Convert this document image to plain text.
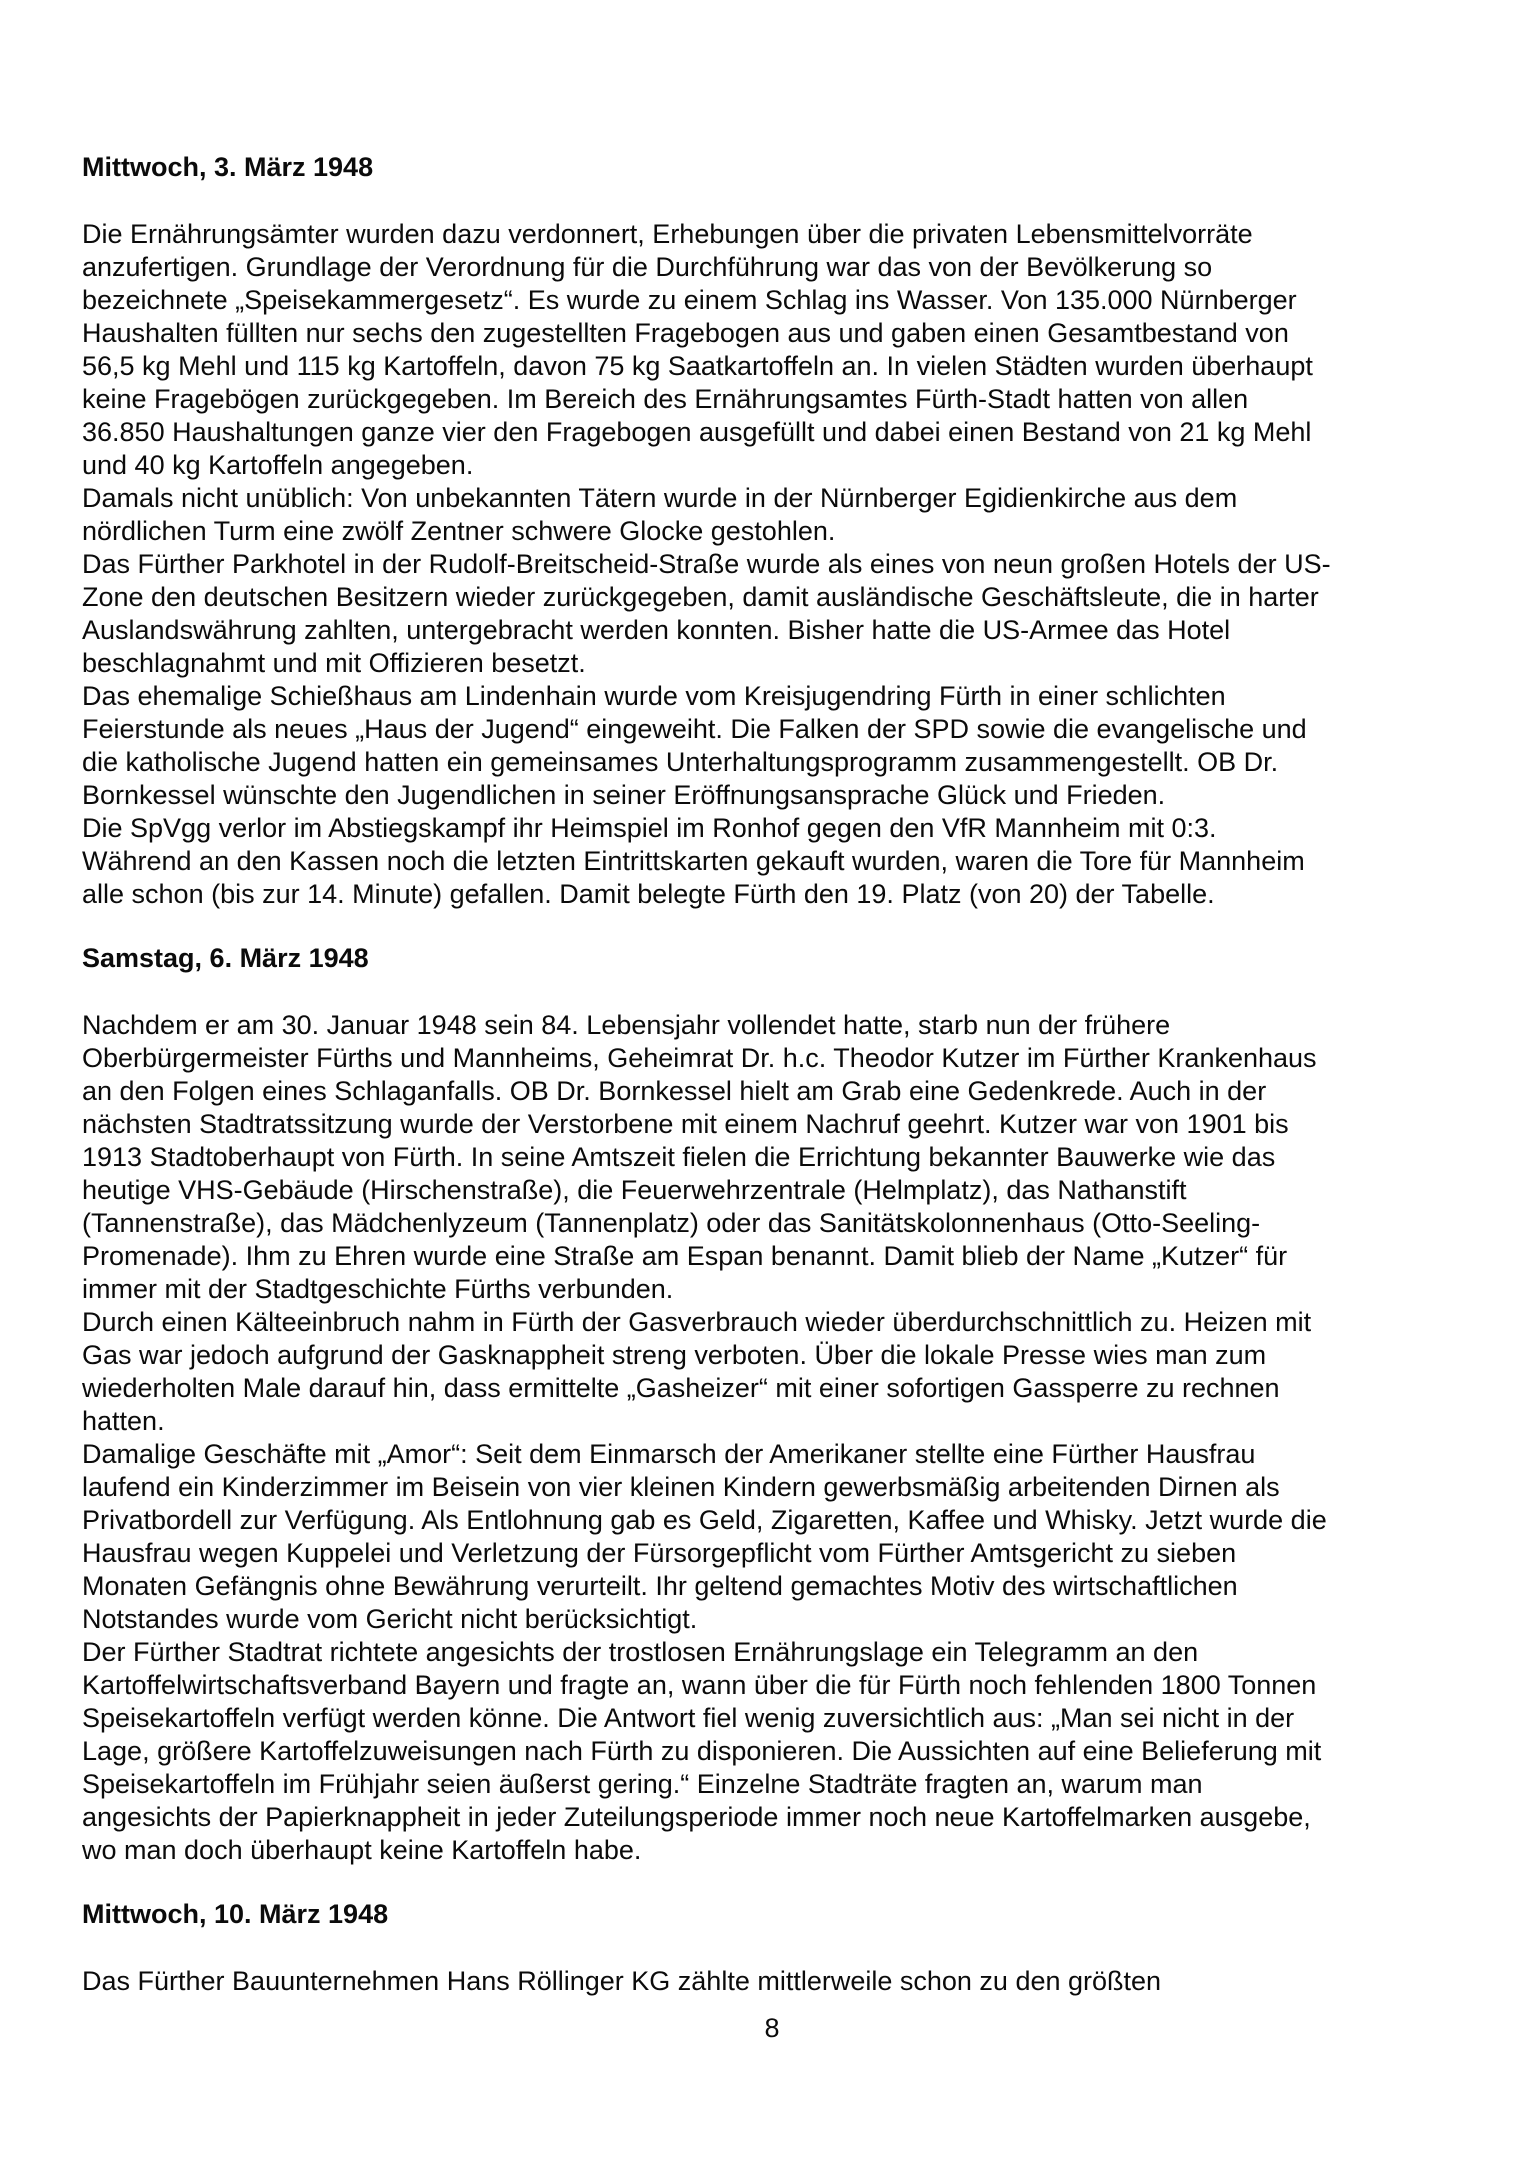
Mittwoch, 3. März 1948
Die Ernährungsämter wurden dazu verdonnert, Erhebungen über die privaten Lebensmittelvorräte
anzufertigen. Grundlage der Verordnung für die Durchführung war das von der Bevölkerung so
bezeichnete „Speisekammergesetz“. Es wurde zu einem Schlag ins Wasser. Von 135.000 Nürnberger
Haushalten füllten nur sechs den zugestellten Fragebogen aus und gaben einen Gesamtbestand von
56,5 kg Mehl und 115 kg Kartoffeln, davon 75 kg Saatkartoffeln an. In vielen Städten wurden überhaupt
keine Fragebögen zurückgegeben. Im Bereich des Ernährungsamtes Fürth-Stadt hatten von allen
36.850 Haushaltungen ganze vier den Fragebogen ausgefüllt und dabei einen Bestand von 21 kg Mehl
und 40 kg Kartoffeln angegeben.
Damals nicht unüblich: Von unbekannten Tätern wurde in der Nürnberger Egidienkirche aus dem
nördlichen Turm eine zwölf Zentner schwere Glocke gestohlen.
Das Fürther Parkhotel in der Rudolf-Breitscheid-Straße wurde als eines von neun großen Hotels der US-
Zone den deutschen Besitzern wieder zurückgegeben, damit ausländische Geschäftsleute, die in harter
Auslandswährung zahlten, untergebracht werden konnten. Bisher hatte die US-Armee das Hotel
beschlagnahmt und mit Offizieren besetzt.
Das ehemalige Schießhaus am Lindenhain wurde vom Kreisjugendring Fürth in einer schlichten
Feierstunde als neues „Haus der Jugend“ eingeweiht. Die Falken der SPD sowie die evangelische und
die katholische Jugend hatten ein gemeinsames Unterhaltungsprogramm zusammengestellt. OB Dr.
Bornkessel wünschte den Jugendlichen in seiner Eröffnungsansprache Glück und Frieden.
Die SpVgg verlor im Abstiegskampf ihr Heimspiel im Ronhof gegen den VfR Mannheim mit 0:3.
Während an den Kassen noch die letzten Eintrittskarten gekauft wurden, waren die Tore für Mannheim
alle schon (bis zur 14. Minute) gefallen. Damit belegte Fürth den 19. Platz (von 20) der Tabelle.
Samstag, 6. März 1948
Nachdem er am 30. Januar 1948 sein 84. Lebensjahr vollendet hatte, starb nun der frühere
Oberbürgermeister Fürths und Mannheims, Geheimrat Dr. h.c. Theodor Kutzer im Fürther Krankenhaus
an den Folgen eines Schlaganfalls. OB Dr. Bornkessel hielt am Grab eine Gedenkrede. Auch in der
nächsten Stadtratssitzung wurde der Verstorbene mit einem Nachruf geehrt. Kutzer war von 1901 bis
1913 Stadtoberhaupt von Fürth. In seine Amtszeit fielen die Errichtung bekannter Bauwerke wie das
heutige VHS-Gebäude (Hirschenstraße), die Feuerwehrzentrale (Helmplatz), das Nathanstift
(Tannenstraße), das Mädchenlyzeum (Tannenplatz) oder das Sanitätskolonnenhaus (Otto-Seeling-
Promenade). Ihm zu Ehren wurde eine Straße am Espan benannt. Damit blieb der Name „Kutzer“ für
immer mit der Stadtgeschichte Fürths verbunden.
Durch einen Kälteeinbruch nahm in Fürth der Gasverbrauch wieder überdurchschnittlich zu. Heizen mit
Gas war jedoch aufgrund der Gasknappheit streng verboten. Über die lokale Presse wies man zum
wiederholten Male darauf hin, dass ermittelte „Gasheizer“ mit einer sofortigen Gassperre zu rechnen
hatten.
Damalige Geschäfte mit „Amor“: Seit dem Einmarsch der Amerikaner stellte eine Fürther Hausfrau
laufend ein Kinderzimmer im Beisein von vier kleinen Kindern gewerbsmäßig arbeitenden Dirnen als
Privatbordell zur Verfügung. Als Entlohnung gab es Geld, Zigaretten, Kaffee und Whisky. Jetzt wurde die
Hausfrau wegen Kuppelei und Verletzung der Fürsorgepflicht vom Fürther Amtsgericht zu sieben
Monaten Gefängnis ohne Bewährung verurteilt. Ihr geltend gemachtes Motiv des wirtschaftlichen
Notstandes wurde vom Gericht nicht berücksichtigt.
Der Fürther Stadtrat richtete angesichts der trostlosen Ernährungslage ein Telegramm an den
Kartoffelwirtschaftsverband Bayern und fragte an, wann über die für Fürth noch fehlenden 1800 Tonnen
Speisekartoffeln verfügt werden könne. Die Antwort fiel wenig zuversichtlich aus: „Man sei nicht in der
Lage, größere Kartoffelzuweisungen nach Fürth zu disponieren. Die Aussichten auf eine Belieferung mit
Speisekartoffeln im Frühjahr seien äußerst gering.“ Einzelne Stadträte fragten an, warum man
angesichts der Papierknappheit in jeder Zuteilungsperiode immer noch neue Kartoffelmarken ausgebe,
wo man doch überhaupt keine Kartoffeln habe.
Mittwoch, 10. März 1948
Das Fürther Bauunternehmen Hans Röllinger KG zählte mittlerweile schon zu den größten
8
